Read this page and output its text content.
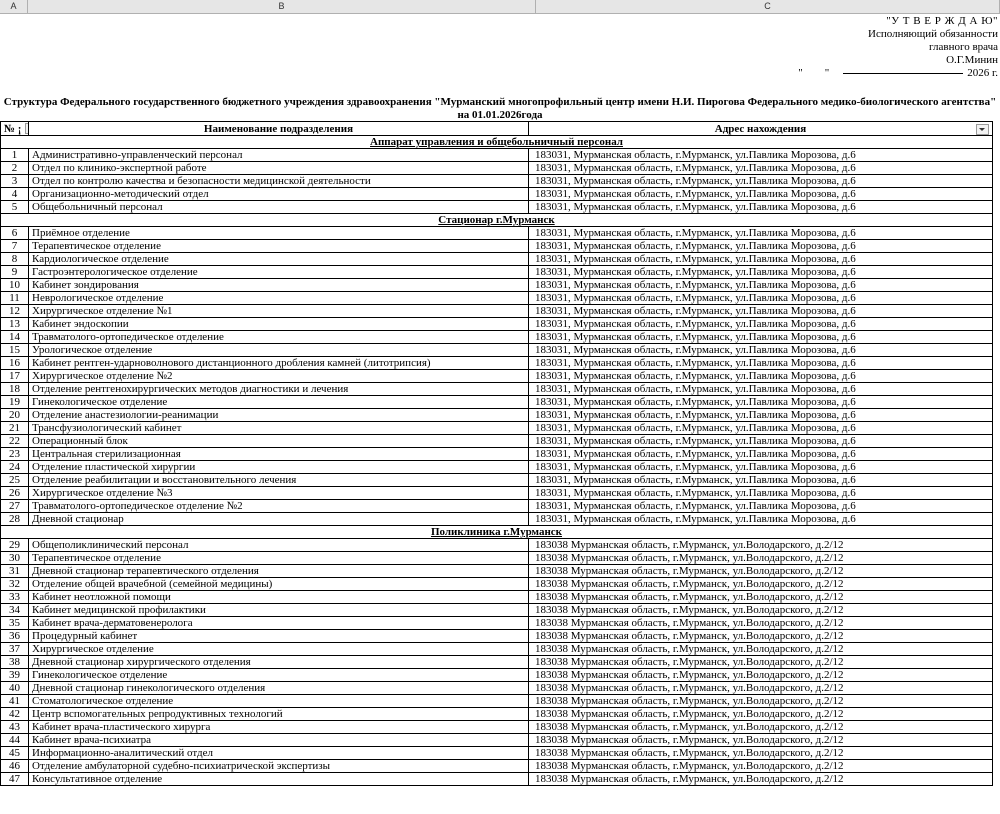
A	B	C
		"У Т В Е Р Ж Д А Ю"
		Исполняющий обязанности
		главного врача
		О.Г.Минин
		" " 2026 г.

Структура Федерального государственного бюджетного учреждения здравоохранения "Мурманский многопрофильный центр имени Н.И. Пирогова Федерального медико-биологического агентства"		
на 01.01.2026года		
№ ¡	Наименование подразделения	Адрес нахождения

Аппарат управления и общебольничный персонал		
1	Административно-управленческий персонал	183031, Мурманская область, г.Мурманск, ул.Павлика Морозова, д.6
2	Отдел по клинико-экспертной работе	183031, Мурманская область, г.Мурманск, ул.Павлика Морозова, д.6
3	Отдел по контролю качества и безопасности медицинской деятельности	183031, Мурманская область, г.Мурманск, ул.Павлика Морозова, д.6
4	Организационно-методический отдел	183031, Мурманская область, г.Мурманск, ул.Павлика Морозова, д.6
5	Общебольничный персонал	183031, Мурманская область, г.Мурманск, ул.Павлика Морозова, д.6
Стационар г.Мурманск		
6	Приёмное отделение	183031, Мурманская область, г.Мурманск, ул.Павлика Морозова, д.6
7	Терапевтическое отделение	183031, Мурманская область, г.Мурманск, ул.Павлика Морозова, д.6
8	Кардиологическое отделение	183031, Мурманская область, г.Мурманск, ул.Павлика Морозова, д.6
9	Гастроэнтерологическое отделение	183031, Мурманская область, г.Мурманск, ул.Павлика Морозова, д.6
10	Кабинет зондирования	183031, Мурманская область, г.Мурманск, ул.Павлика Морозова, д.6
11	Неврологическое отделение	183031, Мурманская область, г.Мурманск, ул.Павлика Морозова, д.6
12	Хирургическое отделение №1	183031, Мурманская область, г.Мурманск, ул.Павлика Морозова, д.6
13	Кабинет эндоскопии	183031, Мурманская область, г.Мурманск, ул.Павлика Морозова, д.6
14	Травматолого-ортопедическое отделение	183031, Мурманская область, г.Мурманск, ул.Павлика Морозова, д.6
15	Урологическое отделение	183031, Мурманская область, г.Мурманск, ул.Павлика Морозова, д.6
16	Кабинет рентген-ударноволнового дистанционного дробления камней (литотрипсия)	183031, Мурманская область, г.Мурманск, ул.Павлика Морозова, д.6
17	Хирургическое отделение №2	183031, Мурманская область, г.Мурманск, ул.Павлика Морозова, д.6
18	Отделение рентгенохирургических методов диагностики и лечения	183031, Мурманская область, г.Мурманск, ул.Павлика Морозова, д.6
19	Гинекологическое отделение	183031, Мурманская область, г.Мурманск, ул.Павлика Морозова, д.6
20	Отделение анастезиологии-реанимации	183031, Мурманская область, г.Мурманск, ул.Павлика Морозова, д.6
21	Трансфузиологический кабинет	183031, Мурманская область, г.Мурманск, ул.Павлика Морозова, д.6
22	Операционный блок	183031, Мурманская область, г.Мурманск, ул.Павлика Морозова, д.6
23	Центральная стерилизационная	183031, Мурманская область, г.Мурманск, ул.Павлика Морозова, д.6
24	Отделение пластической хирургии	183031, Мурманская область, г.Мурманск, ул.Павлика Морозова, д.6
25	Отделение реабилитации и восстановительного лечения	183031, Мурманская область, г.Мурманск, ул.Павлика Морозова, д.6
26	Хирургическое отделение №3	183031, Мурманская область, г.Мурманск, ул.Павлика Морозова, д.6
27	Травматолого-ортопедическое отделение №2	183031, Мурманская область, г.Мурманск, ул.Павлика Морозова, д.6
28	Дневной стационар	183031, Мурманская область, г.Мурманск, ул.Павлика Морозова, д.6
Поликлиника г.Мурманск		
29	Общеполиклинический персонал	183038 Мурманская область, г.Мурманск, ул.Володарского, д.2/12
30	Терапевтическое отделение	183038 Мурманская область, г.Мурманск, ул.Володарского, д.2/12
31	Дневной стационар терапевтического отделения	183038 Мурманская область, г.Мурманск, ул.Володарского, д.2/12
32	Отделение общей врачебной (семейной медицины)	183038 Мурманская область, г.Мурманск, ул.Володарского, д.2/12
33	Кабинет неотложной помощи	183038 Мурманская область, г.Мурманск, ул.Володарского, д.2/12
34	Кабинет медицинской профилактики	183038 Мурманская область, г.Мурманск, ул.Володарского, д.2/12
35	Кабинет врача-дерматовенеролога	183038 Мурманская область, г.Мурманск, ул.Володарского, д.2/12
36	Процедурный кабинет	183038 Мурманская область, г.Мурманск, ул.Володарского, д.2/12
37	Хирургическое отделение	183038 Мурманская область, г.Мурманск, ул.Володарского, д.2/12
38	Дневной стационар хирургического отделения	183038 Мурманская область, г.Мурманск, ул.Володарского, д.2/12
39	Гинекологическое отделение	183038 Мурманская область, г.Мурманск, ул.Володарского, д.2/12
40	Дневной стационар гинекологического отделения	183038 Мурманская область, г.Мурманск, ул.Володарского, д.2/12
41	Стоматологическое отделение	183038 Мурманская область, г.Мурманск, ул.Володарского, д.2/12
42	Центр вспомогательных репродуктивных технологий	183038 Мурманская область, г.Мурманск, ул.Володарского, д.2/12
43	Кабинет врача-пластического хирурга	183038 Мурманская область, г.Мурманск, ул.Володарского, д.2/12
44	Кабинет врача-психиатра	183038 Мурманская область, г.Мурманск, ул.Володарского, д.2/12
45	Информационно-аналитический отдел	183038 Мурманская область, г.Мурманск, ул.Володарского, д.2/12
46	Отделение амбулаторной судебно-психиатрической экспертизы	183038 Мурманская область, г.Мурманск, ул.Володарского, д.2/12
47	Консультативное отделение	183038 Мурманская область, г.Мурманск, ул.Володарского, д.2/12
